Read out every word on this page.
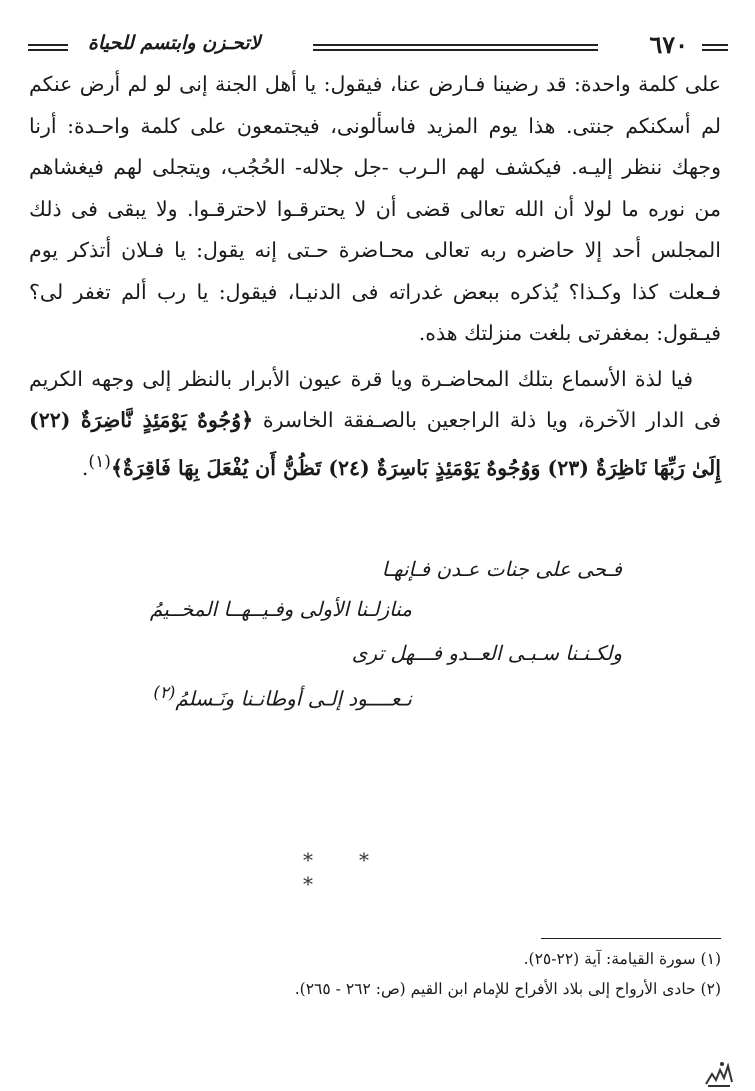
٦٧٠
لاتحـزن وابتسم للحياة

على كلمة واحدة: قد رضينا فـارض عنا، فيقول: يا أهل الجنة إنى لو لم أرض عنكم لم أسكنكم جنتى. هذا يوم المزيد فاسألونى، فيجتمعون على كلمة واحـدة: أرنا وجهك ننظر إليـه. فيكشف لهم الـرب -جل جلاله- الحُجُب، ويتجلى لهم فيغشاهم من نوره ما لولا أن الله تعالى قضى أن لا يحترقـوا لاحترقـوا. ولا يبقى فى ذلك المجلس أحد إلا حاضره ربه تعالى محـاضرة حـتى إنه يقول: يا فـلان أتذكر يوم فـعلت كذا وكـذا؟ يُذكره ببعض غدراته فى الدنيـا، فيقول: يا رب ألم تغفر لى؟ فيـقول: بمغفرتى بلغت منزلتك هذه.

فيا لذة الأسماع بتلك المحاضـرة ويا قرة عيون الأبرار بالنظر إلى وجهه الكريم فى الدار الآخرة، ويا ذلة الراجعين بالصـفقة الخاسرة ﴿وُجُوهٌ يَوْمَئِذٍ نَّاضِرَةٌ (٢٢) إِلَىٰ رَبِّهَا نَاظِرَةٌ (٢٣) وَوُجُوهٌ يَوْمَئِذٍ بَاسِرَةٌ (٢٤) تَظُنُّ أَن يُفْعَلَ بِهَا فَاقِرَةٌ﴾$^{(١)}$.

فـحى على جنات عـدن فـإنهـا
منازلـنا الأولى وفـيــهــا المخــيمُ
ولكـنـنا سـبـى العــدو فـــهل ترى
نـعــــود إلـى أوطانـنا ونَـسلمُ$^{(٢)}$
* **

(١) سورة القيامة: آية (٢٢-٢٥).

(٢) حادى الأرواح إلى بلاد الأفراح للإمام ابن القيم (ص: ٢٦٢ - ٢٦٥).
